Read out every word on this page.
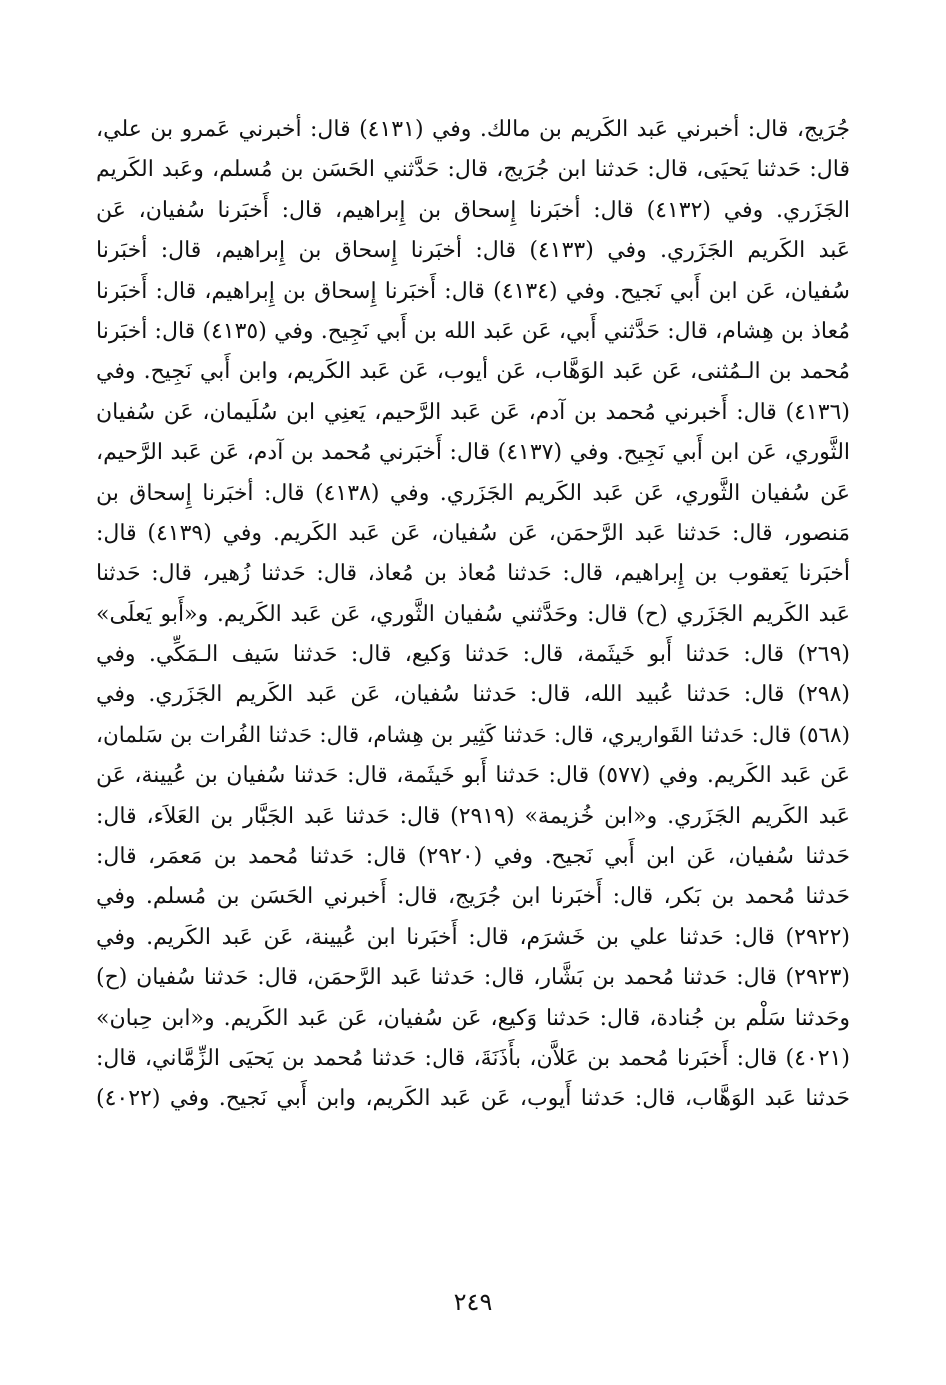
جُرَيج، قال: أخبرني عَبد الكَريم بن مالك. وفي (٤١٣١) قال: أخبرني عَمرو بن علي،
قال: حَدثنا يَحيَى، قال: حَدثنا ابن جُرَيج، قال: حَدَّثني الحَسَن بن مُسلم، وعَبد الكَريم
الجَزَري. وفي (٤١٣٢) قال: أخبَرنا إِسحاق بن إِبراهيم، قال: أَخبَرنا سُفيان، عَن
عَبد الكَريم الجَزَري. وفي (٤١٣٣) قال: أخبَرنا إِسحاق بن إِبراهيم، قال: أخبَرنا
سُفيان، عَن ابن أَبي نَجيح. وفي (٤١٣٤) قال: أَخبَرنا إِسحاق بن إِبراهيم، قال: أَخبَرنا
مُعاذ بن هِشام، قال: حَدَّثني أَبي، عَن عَبد الله بن أَبي نَجِيح. وفي (٤١٣٥) قال: أخبَرنا
مُحمد بن الـمُثنى، عَن عَبد الوَهَّاب، عَن أيوب، عَن عَبد الكَريم، وابن أَبي نَجِيح. وفي
(٤١٣٦) قال: أَخبرني مُحمد بن آدم، عَن عَبد الرَّحيم، يَعنِي ابن سُلَيمان، عَن سُفيان
الثَّوري، عَن ابن أَبي نَجِيح. وفي (٤١٣٧) قال: أَخبَرني مُحمد بن آدم، عَن عَبد الرَّحيم،
عَن سُفيان الثَّوري، عَن عَبد الكَريم الجَزَري. وفي (٤١٣٨) قال: أخبَرنا إِسحاق بن
مَنصور، قال: حَدثنا عَبد الرَّحمَن، عَن سُفيان، عَن عَبد الكَريم. وفي (٤١٣٩) قال:
أخبَرنا يَعقوب بن إِبراهيم، قال: حَدثنا مُعاذ بن مُعاذ، قال: حَدثنا زُهير، قال: حَدثنا
عَبد الكَريم الجَزَري (ح) قال: وحَدَّثني سُفيان الثَّوري، عَن عَبد الكَريم. و«أَبو يَعلَى»
(٢٦٩) قال: حَدثنا أَبو خَيثَمة، قال: حَدثنا وَكيع، قال: حَدثنا سَيف الـمَكِّي. وفي
(٢٩٨) قال: حَدثنا عُبيد الله، قال: حَدثنا سُفيان، عَن عَبد الكَريم الجَزَري. وفي
(٥٦٨) قال: حَدثنا القَواريري، قال: حَدثنا كَثِير بن هِشام، قال: حَدثنا الفُرات بن سَلمان،
عَن عَبد الكَريم. وفي (٥٧٧) قال: حَدثنا أَبو خَيثَمة، قال: حَدثنا سُفيان بن عُيينة، عَن
عَبد الكَريم الجَزَري. و«ابن خُزيمة» (٢٩١٩) قال: حَدثنا عَبد الجَبَّار بن العَلاَء، قال:
حَدثنا سُفيان، عَن ابن أَبي نَجيح. وفي (٢٩٢٠) قال: حَدثنا مُحمد بن مَعمَر، قال:
حَدثنا مُحمد بن بَكر، قال: أَخبَرنا ابن جُرَيج، قال: أَخبرني الحَسَن بن مُسلم. وفي
(٢٩٢٢) قال: حَدثنا علي بن خَشرَم، قال: أَخبَرنا ابن عُيينة، عَن عَبد الكَريم. وفي
(٢٩٢٣) قال: حَدثنا مُحمد بن بَشَّار، قال: حَدثنا عَبد الرَّحمَن، قال: حَدثنا سُفيان (ح)
وحَدثنا سَلْم بن جُنادة، قال: حَدثنا وَكيع، عَن سُفيان، عَن عَبد الكَريم. و«ابن حِبان»
(٤٠٢١) قال: أَخبَرنا مُحمد بن عَلاَّن، بأَذَنَةَ، قال: حَدثنا مُحمد بن يَحيَى الزِّمَّاني، قال:
حَدثنا عَبد الوَهَّاب، قال: حَدثنا أَيوب، عَن عَبد الكَريم، وابن أَبي نَجيح. وفي (٤٠٢٢)
٢٤٩
